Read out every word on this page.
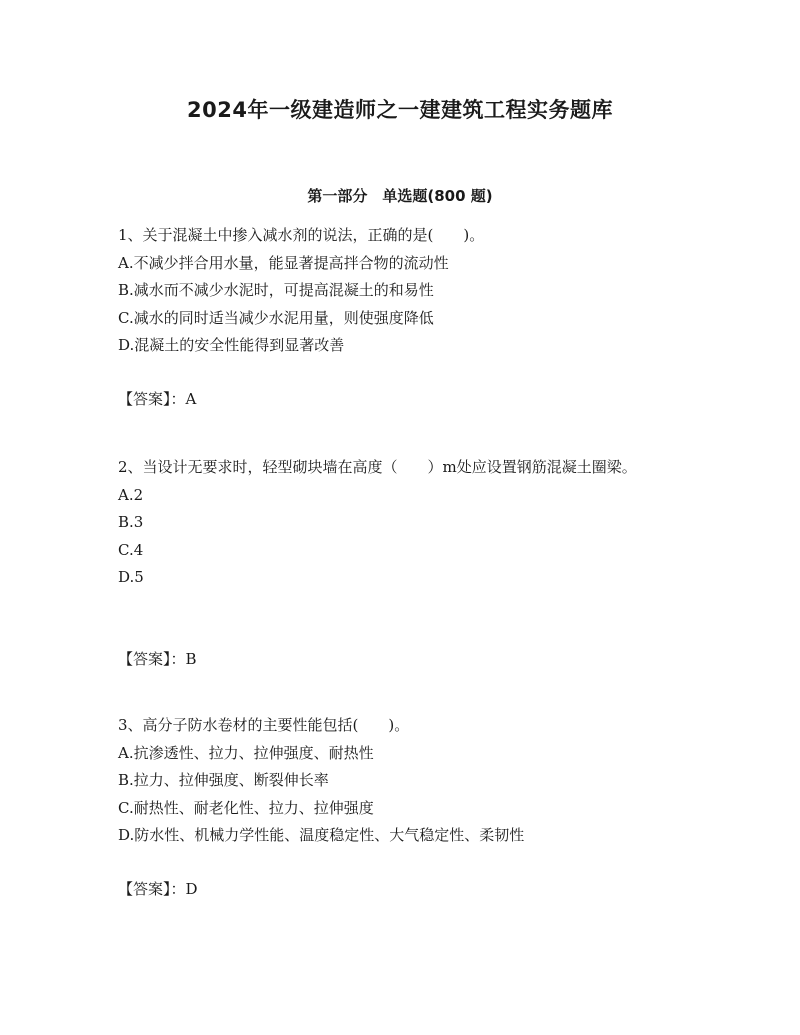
2024年一级建造师之一建建筑工程实务题库
第一部分　单选题(800 题)

1、关于混凝土中掺入减水剂的说法，正确的是(　　)。

A.不减少拌合用水量，能显著提高拌合物的流动性

B.减水而不减少水泥时，可提高混凝土的和易性

C.减水的同时适当减少水泥用量，则使强度降低

D.混凝土的安全性能得到显著改善

【答案】：A

2、当设计无要求时，轻型砌块墙在高度（　　）m处应设置钢筋混凝土圈梁。

A.2

B.3

C.4

D.5

【答案】：B

3、高分子防水卷材的主要性能包括(　　)。

A.抗渗透性、拉力、拉伸强度、耐热性

B.拉力、拉伸强度、断裂伸长率

C.耐热性、耐老化性、拉力、拉伸强度

D.防水性、机械力学性能、温度稳定性、大气稳定性、柔韧性

【答案】：D
